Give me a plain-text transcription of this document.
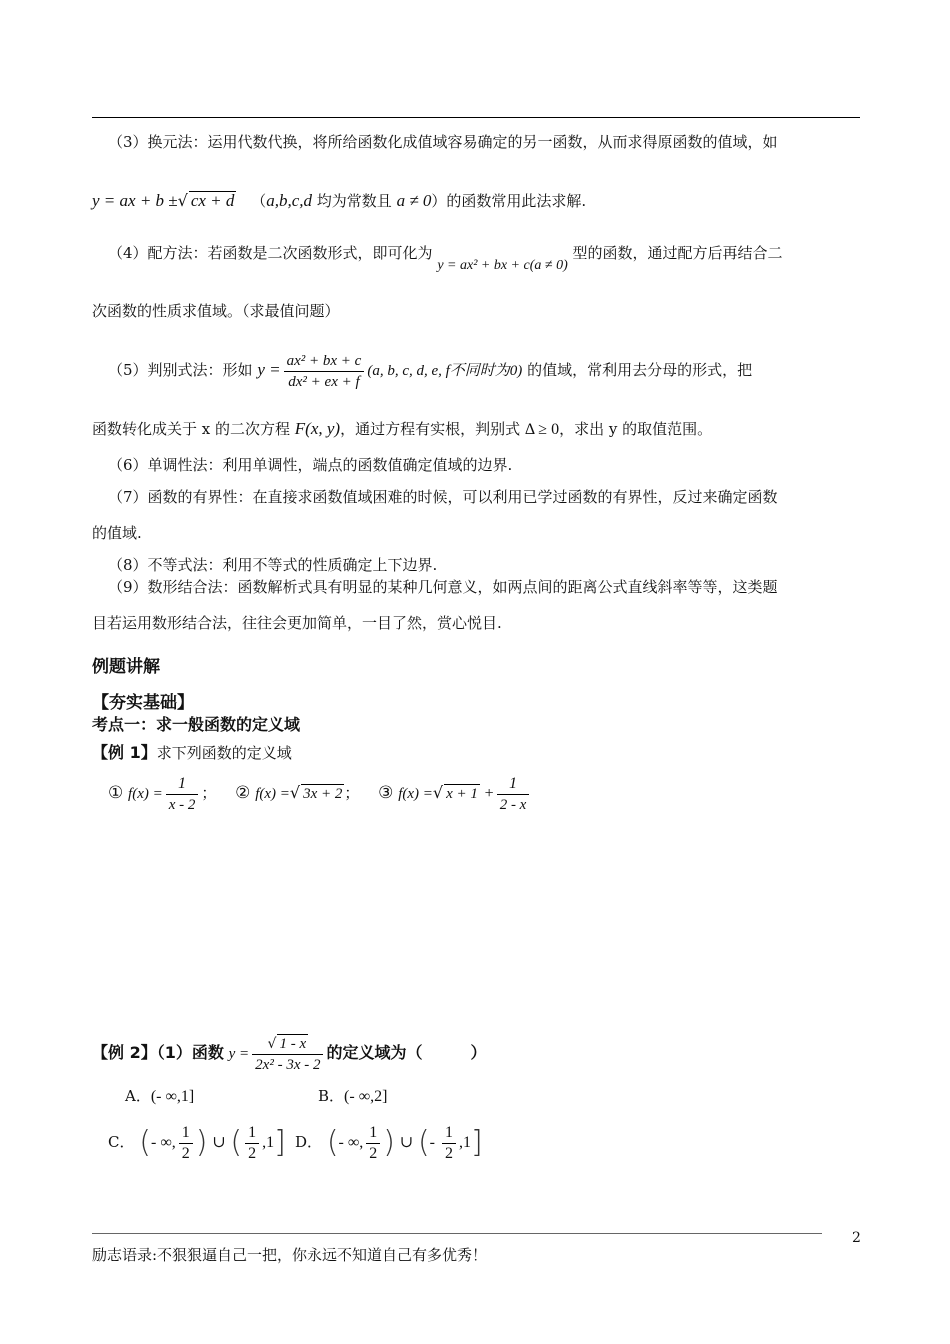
（3）换元法：运用代数代换，将所给函数化成值域容易确定的另一函数，从而求得原函数的值域，如
y = ax + b ±√ cx + d （a,b,c,d 均为常数且 a ≠ 0）的函数常用此法求解.
（4）配方法：若函数是二次函数形式，即可化为 y = ax² + bx + c(a ≠ 0) 型的函数，通过配方后再结合二
次函数的性质求值域。（求最值问题）
（5）判别式法：形如 $y = \frac{\text{ax² + bx + c}}{\text{dx² + ex + f}} (a$, b, c, d, e, f不同时为0) 的值域，常利用去分母的形式，把
函数转化成关于 x 的二次方程 F(x, y)，通过方程有实根，判别式 Δ ≥ 0，求出 y 的取值范围。
（6）单调性法：利用单调性，端点的函数值确定值域的边界.
（7）函数的有界性：在直接求函数值域困难的时候，可以利用已学过函数的有界性，反过来确定函数
的值域.
（8）不等式法：利用不等式的性质确定上下边界.
（9）数形结合法：函数解析式具有明显的某种几何意义，如两点间的距离公式直线斜率等等，这类题
目若运用数形结合法，往往会更加简单，一目了然，赏心悦目.
例题讲解
【夯实基础】
考点一：求一般函数的定义域
【例 1】求下列函数的定义域
① $f(x) = \frac{1}{x - 2}$ ； ② f(x) =√ 3x + 2 ； ③ f(x) =√ $x + 1 + \frac{1}{2 - x}$
【例 2】（1）函数 $y = \frac{√ 1 - x}{\text{2x² - 3x - 2}}$ 的定义域为（　　　）
A．(- ∞,1]	B．(- ∞,2]
C． (- ∞, $\frac{1}{2}$ ) ∪ ( $\frac{1}{2} ,1$] D． (- ∞, $\frac{1}{2}$ ) ∪ (- $\frac{1}{2} ,1$]
2
励志语录:不狠狠逼自己一把，你永远不知道自己有多优秀！
